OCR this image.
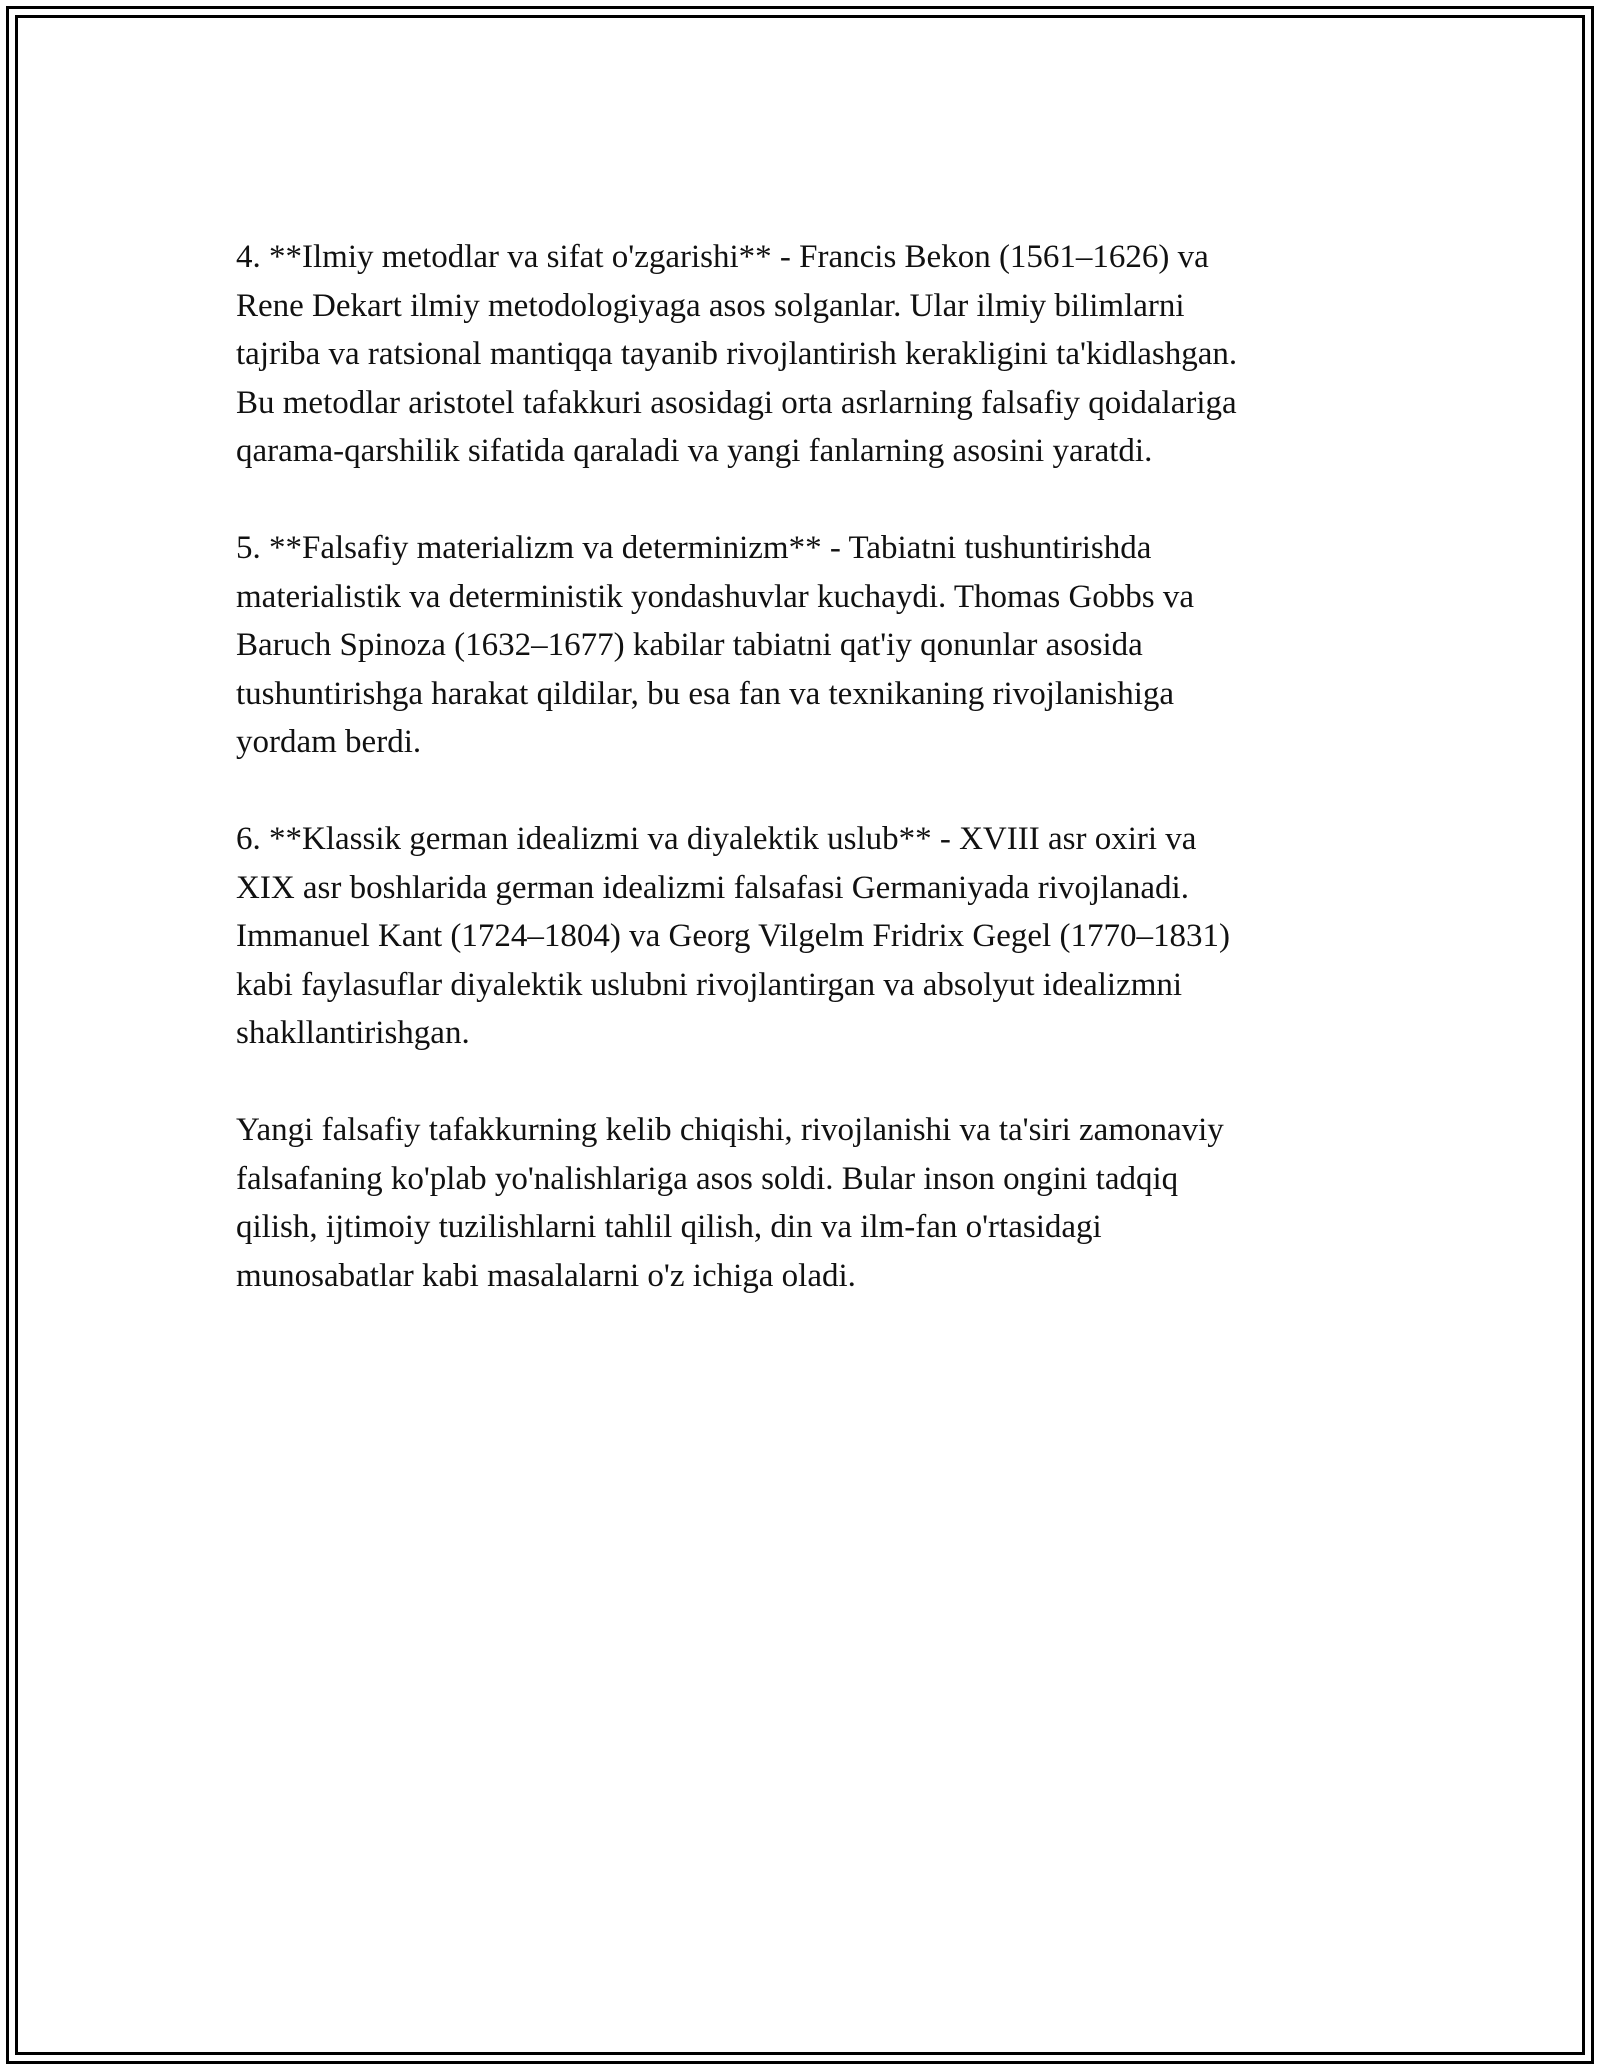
4. **Ilmiy metodlar va sifat o'zgarishi** - Francis Bekon (1561–1626) va
Rene Dekart ilmiy metodologiyaga asos solganlar. Ular ilmiy bilimlarni
tajriba va ratsional mantiqqa tayanib rivojlantirish kerakligini ta'kidlashgan.
Bu metodlar aristotel tafakkuri asosidagi orta asrlarning falsafiy qoidalariga
qarama-qarshilik sifatida qaraladi va yangi fanlarning asosini yaratdi.

5. **Falsafiy materializm va determinizm** - Tabiatni tushuntirishda
materialistik va deterministik yondashuvlar kuchaydi. Thomas Gobbs va
Baruch Spinoza (1632–1677) kabilar tabiatni qat'iy qonunlar asosida
tushuntirishga harakat qildilar, bu esa fan va texnikaning rivojlanishiga
yordam berdi.

6. **Klassik german idealizmi va diyalektik uslub** - XVIII asr oxiri va
XIX asr boshlarida german idealizmi falsafasi Germaniyada rivojlanadi.
Immanuel Kant (1724–1804) va Georg Vilgelm Fridrix Gegel (1770–1831)
kabi faylasuflar diyalektik uslubni rivojlantirgan va absolyut idealizmni
shakllantirishgan.

Yangi falsafiy tafakkurning kelib chiqishi, rivojlanishi va ta'siri zamonaviy
falsafaning ko'plab yo'nalishlariga asos soldi. Bular inson ongini tadqiq
qilish, ijtimoiy tuzilishlarni tahlil qilish, din va ilm-fan o'rtasidagi
munosabatlar kabi masalalarni o'z ichiga oladi.
